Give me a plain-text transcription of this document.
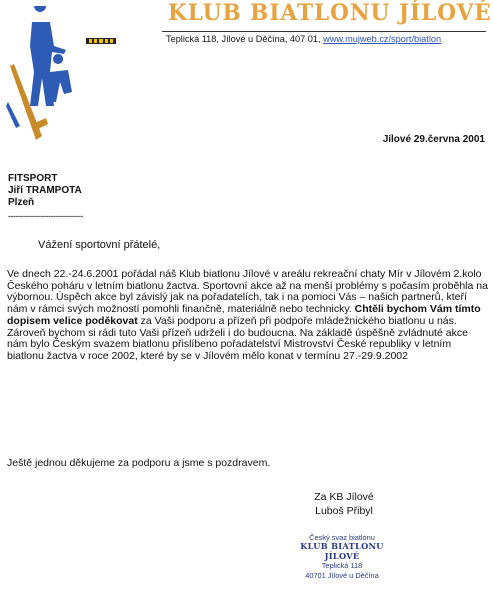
KLUB BIATLONU JÍLOVÉ
Teplická 118, Jílové u Děčína, 407 01, www.mujweb.cz/sport/biatlon
Jílové 29.června 2001
FITSPORT
Jiří TRAMPOTA
Plzeň
------------------------------
Vážení sportovní přátelé,

Ve dnech 22.-24.6.2001 pořádal náš Klub biatlonu Jílové v areálu rekreační chaty Mír v Jílovém 2.kolo Českého poháru v letním biatlonu žactva. Sportovní akce až na menší problémy s počasím proběhla na výbornou. Úspěch akce byl závislý jak na pořadatelích, tak i na pomoci Vás – našich partnerů, kteří nám v rámci svých možností pomohli finančně, materiálně nebo technicky. Chtěli bychom Vám tímto dopisem velice poděkovat za Vaši podporu a přízeň při podpoře mládežnického biatlonu u nás.

Zároveň bychom si rádi tuto Vaši přízeň udrželi i do budoucna. Na základě úspěšně zvládnuté akce nám bylo Českým svazem biatlonu přislíbeno pořadatelství Mistrovství České republiky v letním biatlonu žactva v roce 2002, které by se v Jílovém mělo konat v termínu 27.-29.9.2002

Ještě jednou děkujeme za podporu a jsme s pozdravem.
Za KB Jílové
Luboš Přibyl
Český svaz biatlonu
KLUB BIATLONU JÍLOVÉ
Teplická 118
40701 Jílové u Děčína
